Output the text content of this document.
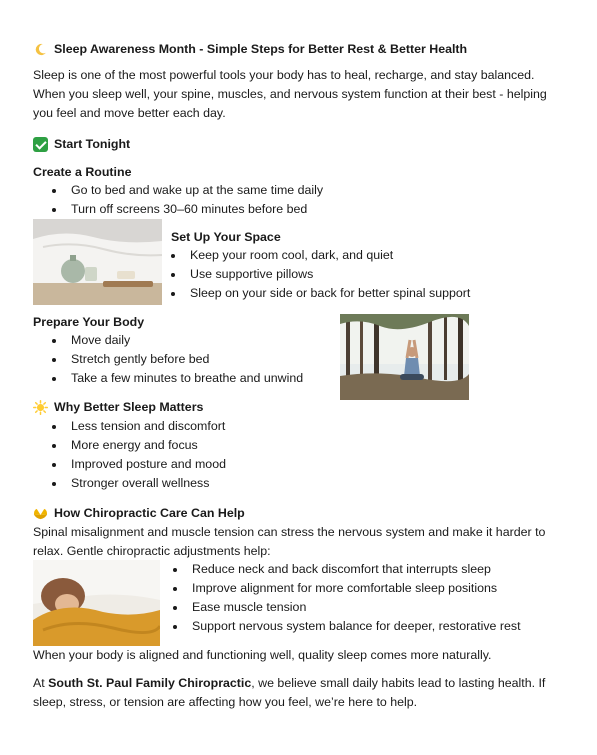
Sleep Awareness Month - Simple Steps for Better Rest & Better Health
Sleep is one of the most powerful tools your body has to heal, recharge, and stay balanced. When you sleep well, your spine, muscles, and nervous system function at their best - helping you feel and move better each day.
Start Tonight
Create a Routine
Go to bed and wake up at the same time daily
Turn off screens 30–60 minutes before bed
Set Up Your Space
Keep your room cool, dark, and quiet
Use supportive pillows
Sleep on your side or back for better spinal support
Prepare Your Body
Move daily
Stretch gently before bed
Take a few minutes to breathe and unwind
Why Better Sleep Matters
Less tension and discomfort
More energy and focus
Improved posture and mood
Stronger overall wellness
How Chiropractic Care Can Help
Spinal misalignment and muscle tension can stress the nervous system and make it harder to relax. Gentle chiropractic adjustments help:
Reduce neck and back discomfort that interrupts sleep
Improve alignment for more comfortable sleep positions
Ease muscle tension
Support nervous system balance for deeper, restorative rest
When your body is aligned and functioning well, quality sleep comes more naturally.
At South St. Paul Family Chiropractic, we believe small daily habits lead to lasting health. If sleep, stress, or tension are affecting how you feel, we’re here to help.
